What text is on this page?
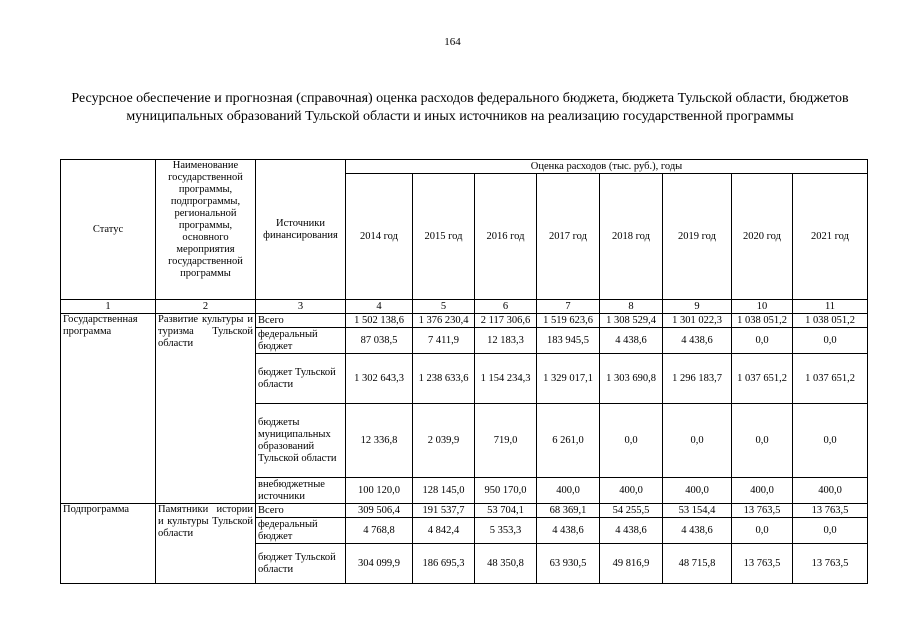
164
Ресурсное обеспечение и прогнозная (справочная) оценка расходов федерального бюджета, бюджета Тульской области, бюджетов муниципальных образований Тульской области и иных источников на реализацию государственной программы
Статус	Наименование государственной программы, подпрограммы, региональной программы, основного мероприятия государственной программы	Источники финансирования	Оценка расходов (тыс. руб.), годы							
			2014 год	2015 год	2016 год	2017 год	2018 год	2019 год	2020 год	2021 год
1	2	3	4	5	6	7	8	9	10	11
Государственная программа	Развитие культуры и туризма Тульской области	Всего	1 502 138,6	1 376 230,4	2 117 306,6	1 519 623,6	1 308 529,4	1 301 022,3	1 038 051,2	1 038 051,2
		федеральный бюджет	87 038,5	7 411,9	12 183,3	183 945,5	4 438,6	4 438,6	0,0	0,0
		бюджет Тульской области	1 302 643,3	1 238 633,6	1 154 234,3	1 329 017,1	1 303 690,8	1 296 183,7	1 037 651,2	1 037 651,2
		бюджеты муниципальных образований Тульской области	12 336,8	2 039,9	719,0	6 261,0	0,0	0,0	0,0	0,0
		внебюджетные источники	100 120,0	128 145,0	950 170,0	400,0	400,0	400,0	400,0	400,0
Подпрограмма	Памятники истории и культуры Тульской области	Всего	309 506,4	191 537,7	53 704,1	68 369,1	54 255,5	53 154,4	13 763,5	13 763,5
		федеральный бюджет	4 768,8	4 842,4	5 353,3	4 438,6	4 438,6	4 438,6	0,0	0,0
		бюджет Тульской области	304 099,9	186 695,3	48 350,8	63 930,5	49 816,9	48 715,8	13 763,5	13 763,5
